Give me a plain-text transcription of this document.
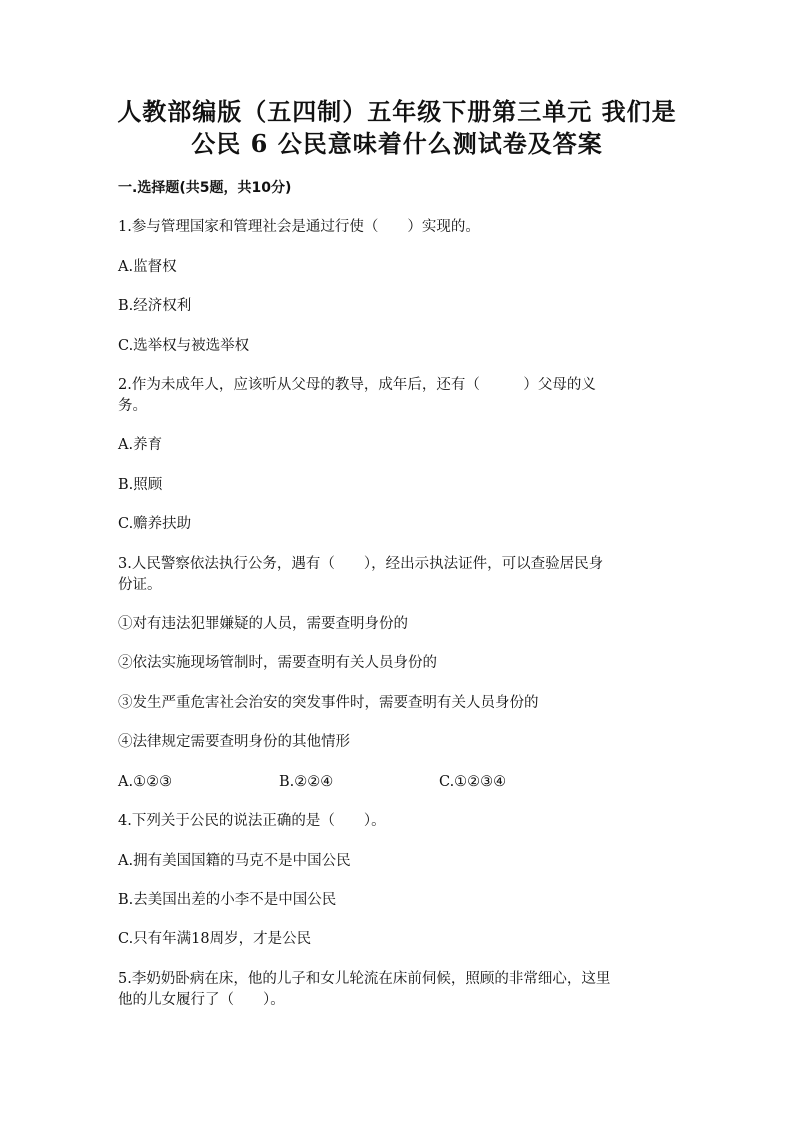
人教部编版（五四制）五年级下册第三单元 我们是
公民 6 公民意味着什么测试卷及答案
一.选择题(共5题，共10分)
1.参与管理国家和管理社会是通过行使（　　）实现的。
A.监督权
B.经济权利
C.选举权与被选举权
2.作为未成年人，应该听从父母的教导，成年后，还有（　　　）父母的义
务。
A.养育
B.照顾
C.赡养扶助
3.人民警察依法执行公务，遇有（　　），经出示执法证件，可以查验居民身
份证。
①对有违法犯罪嫌疑的人员，需要查明身份的
②依法实施现场管制时，需要查明有关人员身份的
③发生严重危害社会治安的突发事件时，需要查明有关人员身份的
④法律规定需要查明身份的其他情形
A.①②③	B.②②④	C.①②③④
4.下列关于公民的说法正确的是（　　）。
A.拥有美国国籍的马克不是中国公民
B.去美国出差的小李不是中国公民
C.只有年满18周岁，才是公民
5.李奶奶卧病在床，他的儿子和女儿轮流在床前伺候，照顾的非常细心，这里
他的儿女履行了（　　）。
